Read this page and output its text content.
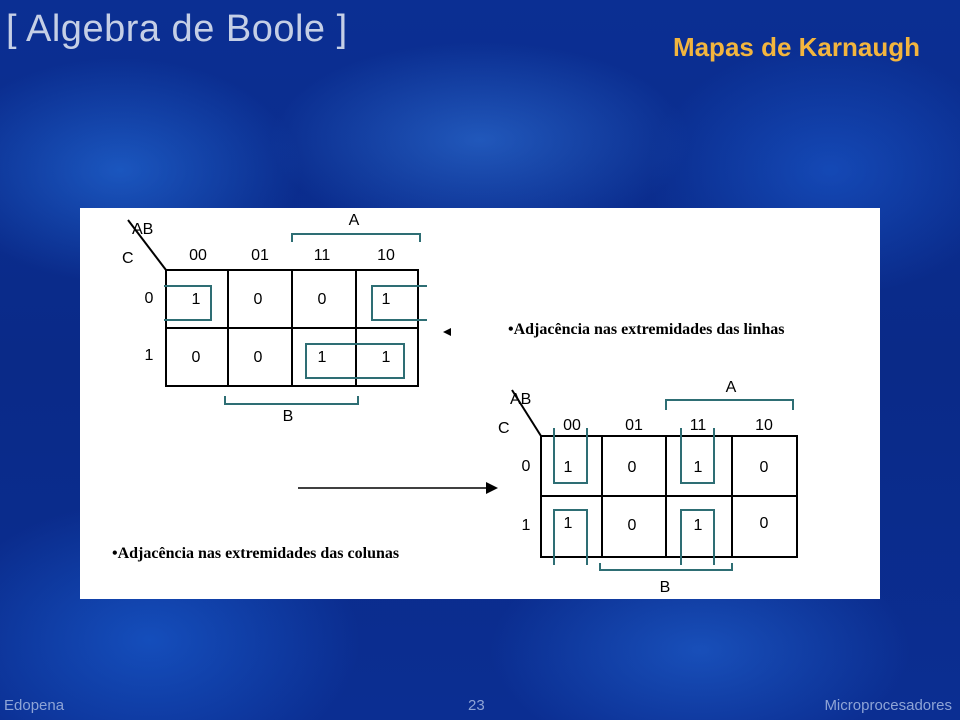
[ Algebra de Boole ]	Mapas de Karnaugh
AB
C	00	01	11	10
0
1
A
1	0	0	1
0	0	1	1
B
•Adjacência nas extremidades das linhas
AB
C	00	01	11	10
0
1
A
1	0	1	0
1	0	1	0
B
•Adjacência nas extremidades das colunas
Edopena	23	Microprocesadores
